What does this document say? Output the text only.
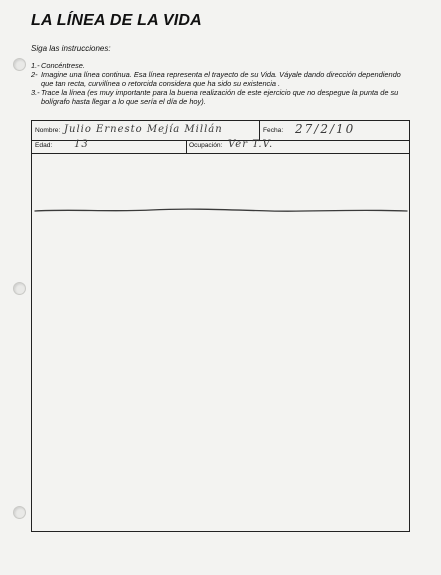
LA LÍNEA DE LA VIDA
Siga las instrucciones:
1.- Concéntrese.
2- Imagine una línea continua. Esa línea representa el trayecto de su Vida. Váyale dando dirección dependiendo que tan recta, curvilínea o retorcida considera que ha sido su existencia .
3.- Trace la línea (es muy importante para la buena realización de este ejercicio que no despegue la punta de su bolígrafo hasta llegar a lo que sería el día de hoy).
Nombre: Julio Ernesto Mejía Millán	Fecha: 27/2/10
Edad: 13	Ocupación: Ver T.V.
